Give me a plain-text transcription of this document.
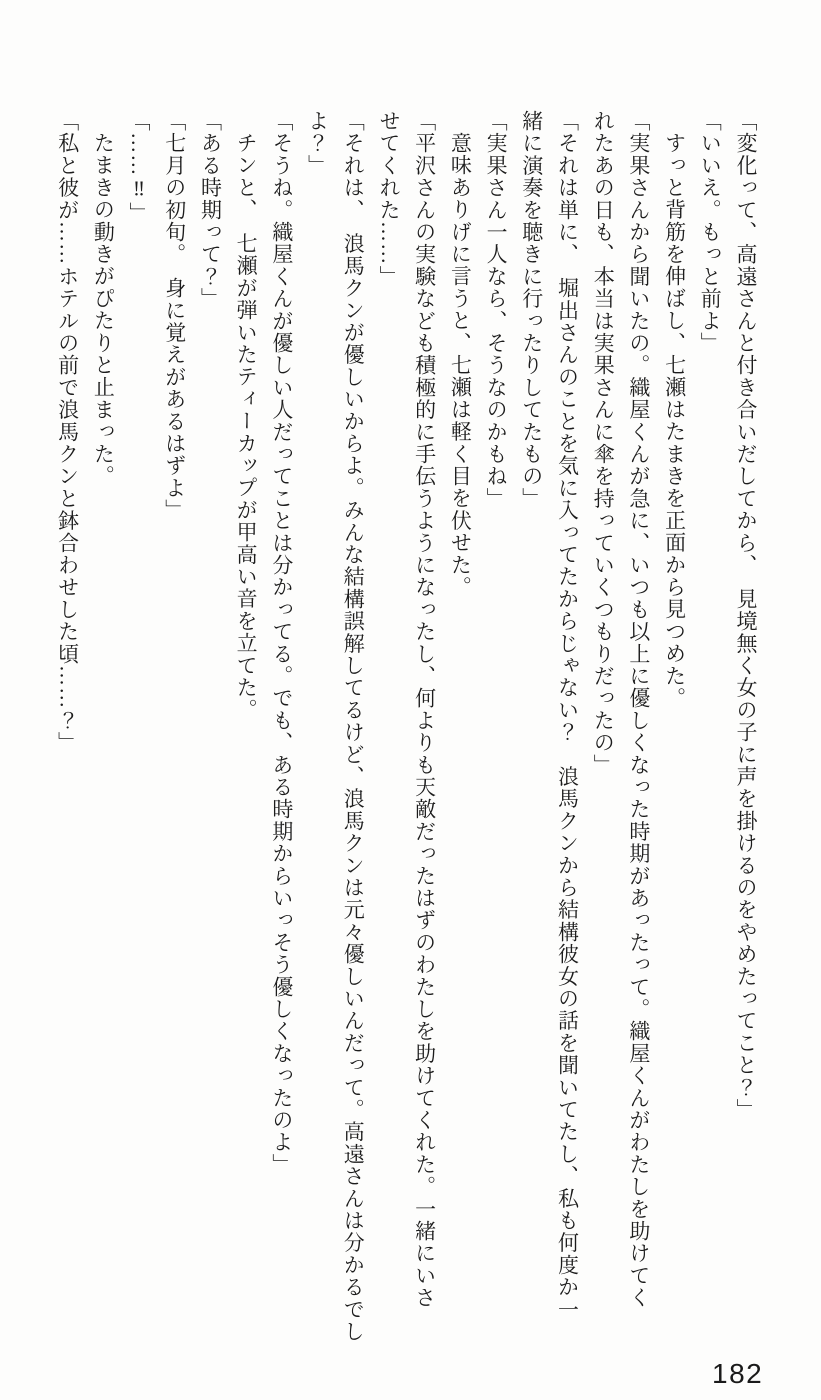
「変化って、高遠さんと付き合いだしてから、　見境無く女の子に声を掛けるのをやめたってこと？」

「いいえ。もっと前よ」

すっと背筋を伸ばし、七瀬はたまきを正面から見つめた。

「実果さんから聞いたの。織屋くんが急に、いつも以上に優しくなった時期があったって。織屋くんがわたしを助けてく

れたあの日も、本当は実果さんに傘を持っていくつもりだったの」

「それは単に、　堀出さんのことを気に入ってたからじゃない？　浪馬クンから結構彼女の話を聞いてたし、私も何度か一

緒に演奏を聴きに行ったりしてたもの」

「実果さん一人なら、そうなのかもね」

意味ありげに言うと、七瀬は軽く目を伏せた。

「平沢さんの実験なども積極的に手伝うようになったし、何よりも天敵だったはずのわたしを助けてくれた。一緒にいさ

せてくれた……」

「それは、　浪馬クンが優しいからよ。みんな結構誤解してるけど、浪馬クンは元々優しいんだって。高遠さんは分かるでし

よ？」

「そうね。織屋くんが優しい人だってことは分かってる。でも、ある時期からいっそう優しくなったのよ」

チンと、　七瀬が弾いたティーカップが甲高い音を立てた。

「ある時期って？」

「七月の初旬。　身に覚えがあるはずよ」

「……‼」

たまきの動きがぴたりと止まった。

「私と彼が……ホテルの前で浪馬クンと鉢合わせした頃……？」

182
